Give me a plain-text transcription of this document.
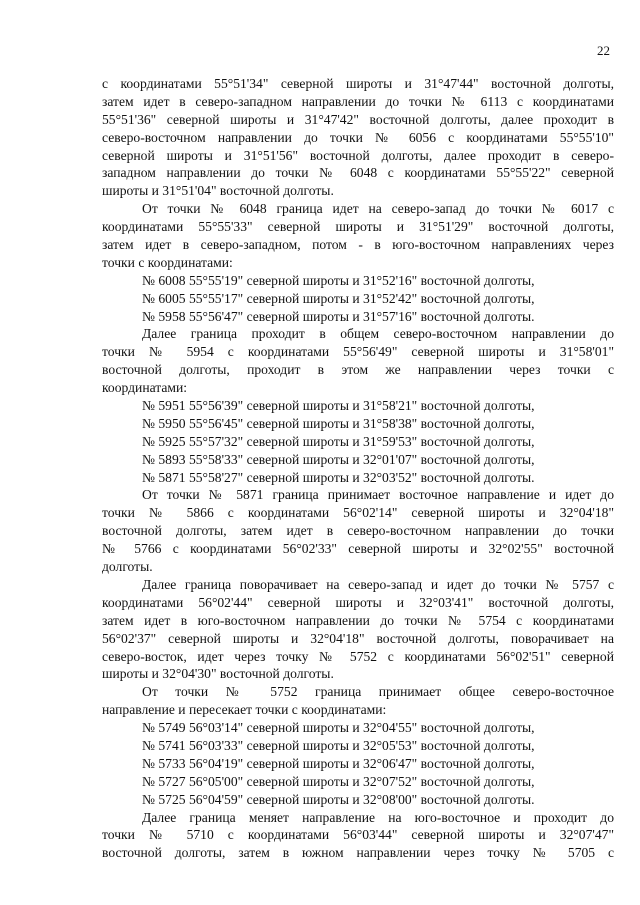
22
с координатами 55°51'34" северной широты и 31°47'44" восточной долготы,
затем идет в северо-западном направлении до точки № 6113 с координатами
55°51'36" северной широты и 31°47'42" восточной долготы, далее проходит в
северо-восточном направлении до точки № 6056 с координатами 55°55'10"
северной широты и 31°51'56" восточной долготы, далее проходит в северо-
западном направлении до точки № 6048 с координатами 55°55'22" северной
широты и 31°51'04" восточной долготы.
От точки № 6048 граница идет на северо-запад до точки № 6017 с
координатами 55°55'33" северной широты и 31°51'29" восточной долготы,
затем идет в северо-западном, потом - в юго-восточном направлениях через
точки с координатами:
№ 6008 55°55'19" северной широты и 31°52'16" восточной долготы,
№ 6005 55°55'17" северной широты и 31°52'42" восточной долготы,
№ 5958 55°56'47" северной широты и 31°57'16" восточной долготы.
Далее граница проходит в общем северо-восточном направлении до
точки № 5954 с координатами 55°56'49" северной широты и 31°58'01"
восточной долготы, проходит в этом же направлении через точки с
координатами:
№ 5951 55°56'39" северной широты и 31°58'21" восточной долготы,
№ 5950 55°56'45" северной широты и 31°58'38" восточной долготы,
№ 5925 55°57'32" северной широты и 31°59'53" восточной долготы,
№ 5893 55°58'33" северной широты и 32°01'07" восточной долготы,
№ 5871 55°58'27" северной широты и 32°03'52" восточной долготы.
От точки № 5871 граница принимает восточное направление и идет до
точки № 5866 с координатами 56°02'14" северной широты и 32°04'18"
восточной долготы, затем идет в северо-восточном направлении до точки
№ 5766 с координатами 56°02'33" северной широты и 32°02'55" восточной
долготы.
Далее граница поворачивает на северо-запад и идет до точки № 5757 с
координатами 56°02'44" северной широты и 32°03'41" восточной долготы,
затем идет в юго-восточном направлении до точки № 5754 с координатами
56°02'37" северной широты и 32°04'18" восточной долготы, поворачивает на
северо-восток, идет через точку № 5752 с координатами 56°02'51" северной
широты и 32°04'30" восточной долготы.
От точки № 5752 граница принимает общее северо-восточное
направление и пересекает точки с координатами:
№ 5749 56°03'14" северной широты и 32°04'55" восточной долготы,
№ 5741 56°03'33" северной широты и 32°05'53" восточной долготы,
№ 5733 56°04'19" северной широты и 32°06'47" восточной долготы,
№ 5727 56°05'00" северной широты и 32°07'52" восточной долготы,
№ 5725 56°04'59" северной широты и 32°08'00" восточной долготы.
Далее граница меняет направление на юго-восточное и проходит до
точки № 5710 с координатами 56°03'44" северной широты и 32°07'47"
восточной долготы, затем в южном направлении через точку № 5705 с
